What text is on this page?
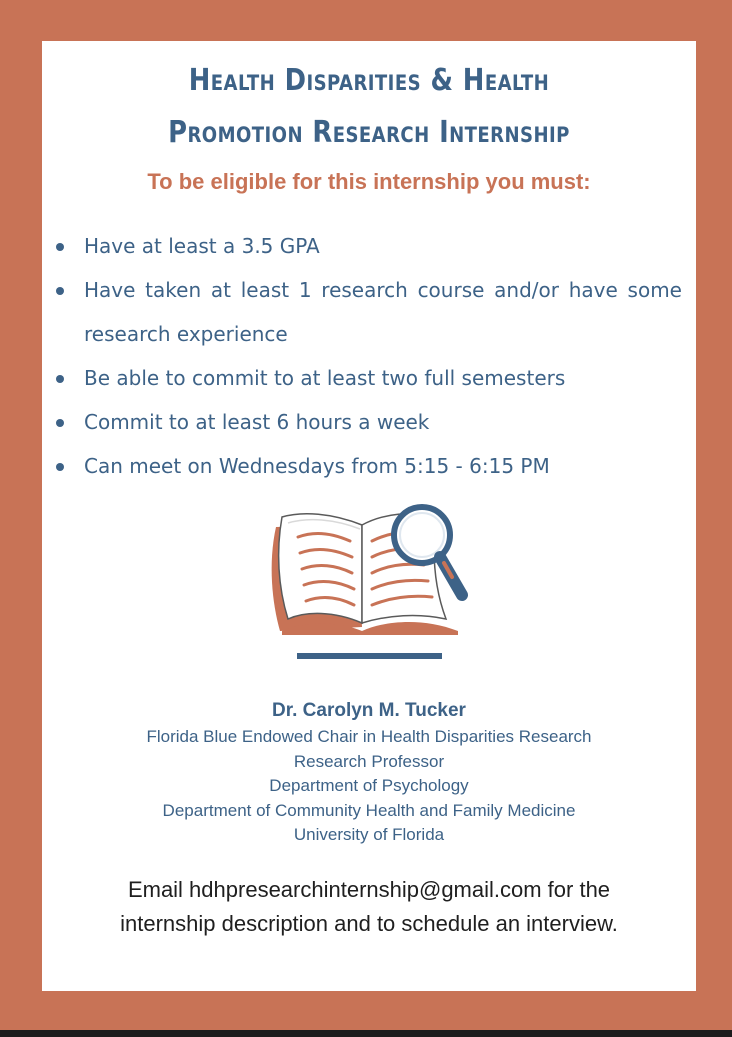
Health Disparities & Health
Promotion Research Internship
To be eligible for this internship you must:
Have at least a 3.5 GPA
Have taken at least 1 research course and/or have some research experience
Be able to commit to at least two full semesters
Commit to at least 6 hours a week
Can meet on Wednesdays from 5:15 - 6:15 PM
Dr. Carolyn M. Tucker
Florida Blue Endowed Chair in Health Disparities Research
Research Professor
Department of Psychology
Department of Community Health and Family Medicine
University of Florida
Email hdhpresearchinternship@gmail.com for the
internship description and to schedule an interview.
